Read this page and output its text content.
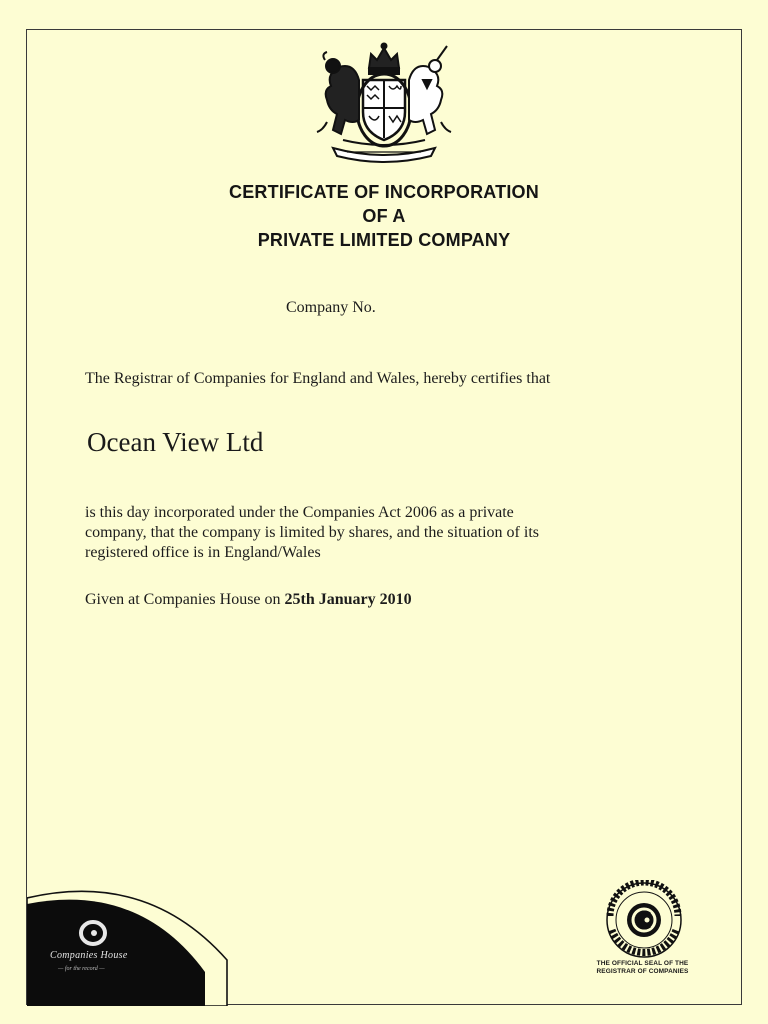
CERTIFICATE OF INCORPORATION
OF A
PRIVATE LIMITED COMPANY
Company No.
The Registrar of Companies for England and Wales, hereby certifies that
Ocean View Ltd
is this day incorporated under the Companies Act 2006 as a private
company, that the company is limited by shares, and the situation of its
registered office is in England/Wales
Given at Companies House on 25th January 2010
Companies House
— for the record —
THE OFFICIAL SEAL OF THE
REGISTRAR OF COMPANIES
